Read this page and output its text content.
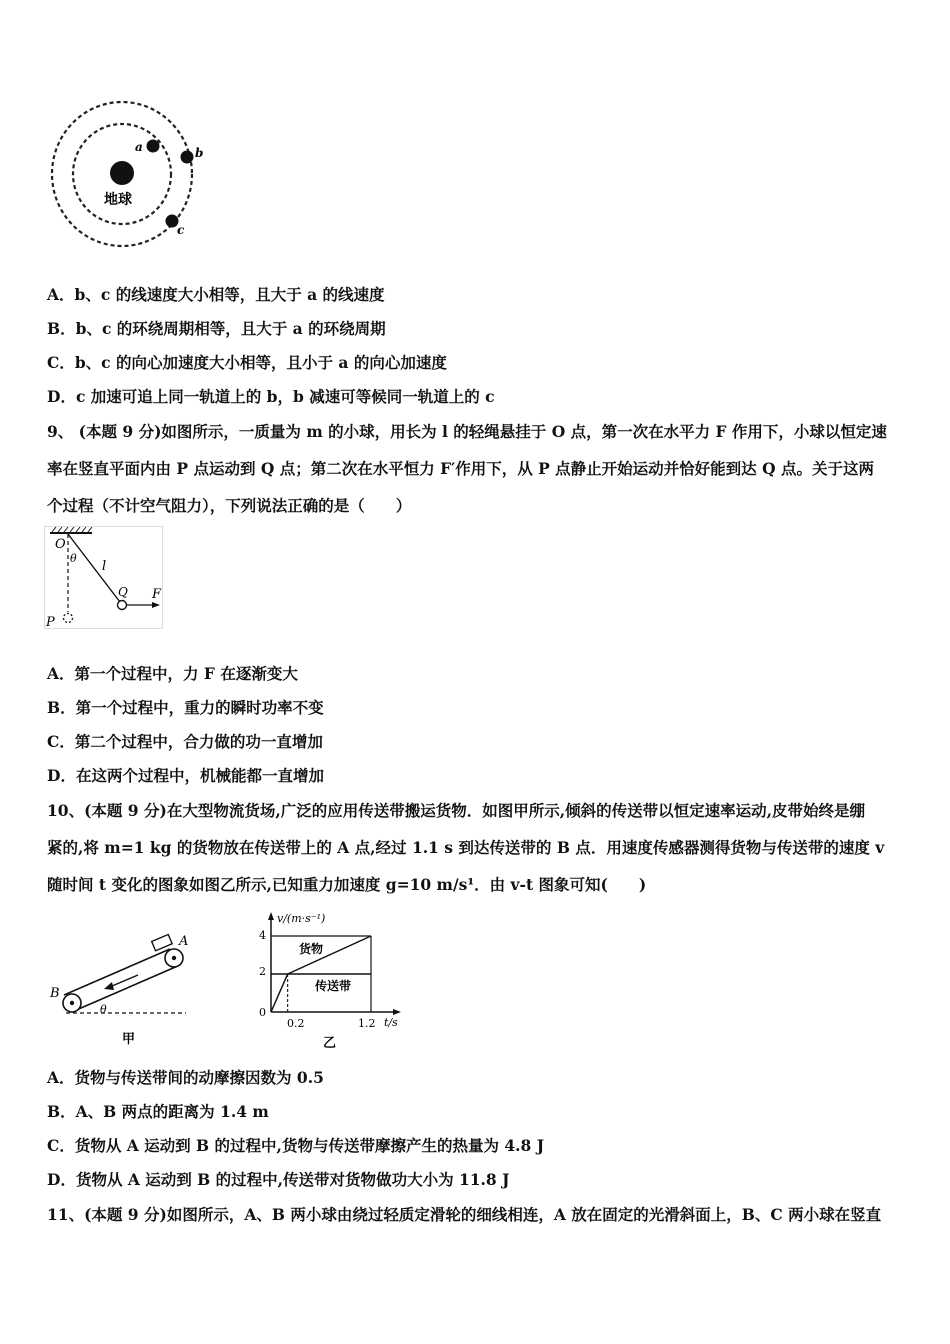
地球
a	b
c
A．b、c 的线速度大小相等，且大于 a 的线速度
B．b、c 的环绕周期相等，且大于 a 的环绕周期
C．b、c 的向心加速度大小相等，且小于 a 的向心加速度
D．c 加速可追上同一轨道上的 b，b 减速可等候同一轨道上的 c
9、 (本题 9 分)如图所示，一质量为 m 的小球，用长为 l 的轻绳悬挂于 O 点，第一次在水平力 F 作用下，小球以恒定速
率在竖直平面内由 P 点运动到 Q 点；第二次在水平恒力 F′作用下，从 P 点静止开始运动并恰好能到达 Q 点。关于这两
个过程（不计空气阻力），下列说法正确的是（　　）
O
θ
l
Q F
P
A．第一个过程中，力 F 在逐渐变大
B．第一个过程中，重力的瞬时功率不变
C．第二个过程中，合力做的功一直增加
D．在这两个过程中，机械能都一直增加
10、(本题 9 分)在大型物流货场,广泛的应用传送带搬运货物．如图甲所示,倾斜的传送带以恒定速率运动,皮带始终是绷
紧的,将 m=1 kg 的货物放在传送带上的 A 点,经过 1.1 s 到达传送带的 B 点．用速度传感器测得货物与传送带的速度 v
随时间 t 变化的图象如图乙所示,已知重力加速度 g=10 m/s¹．由 v-t 图象可知(　　)
A
B
θ
甲
v/(m·s⁻¹)
t/s
4
2
0
0.2	1.2
货物
传送带
乙
A．货物与传送带间的动摩擦因数为 0.5
B．A、B 两点的距离为 1.4 m
C．货物从 A 运动到 B 的过程中,货物与传送带摩擦产生的热量为 4.8 J
D．货物从 A 运动到 B 的过程中,传送带对货物做功大小为 11.8 J
11、(本题 9 分)如图所示，A、B 两小球由绕过轻质定滑轮的细线相连，A 放在固定的光滑斜面上，B、C 两小球在竖直
